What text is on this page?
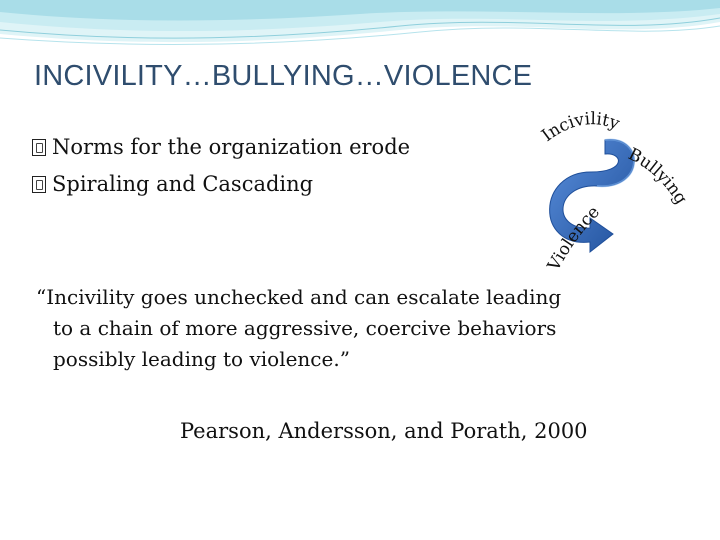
INCIVILITY…BULLYING…VIOLENCE
Norms for the organization erode
Spiraling and Cascading
Incivility
Bullying
Violence
“Incivility goes unchecked and can escalate leading
to a chain of more aggressive, coercive behaviors
possibly leading to violence.”
Pearson, Andersson, and Porath, 2000
